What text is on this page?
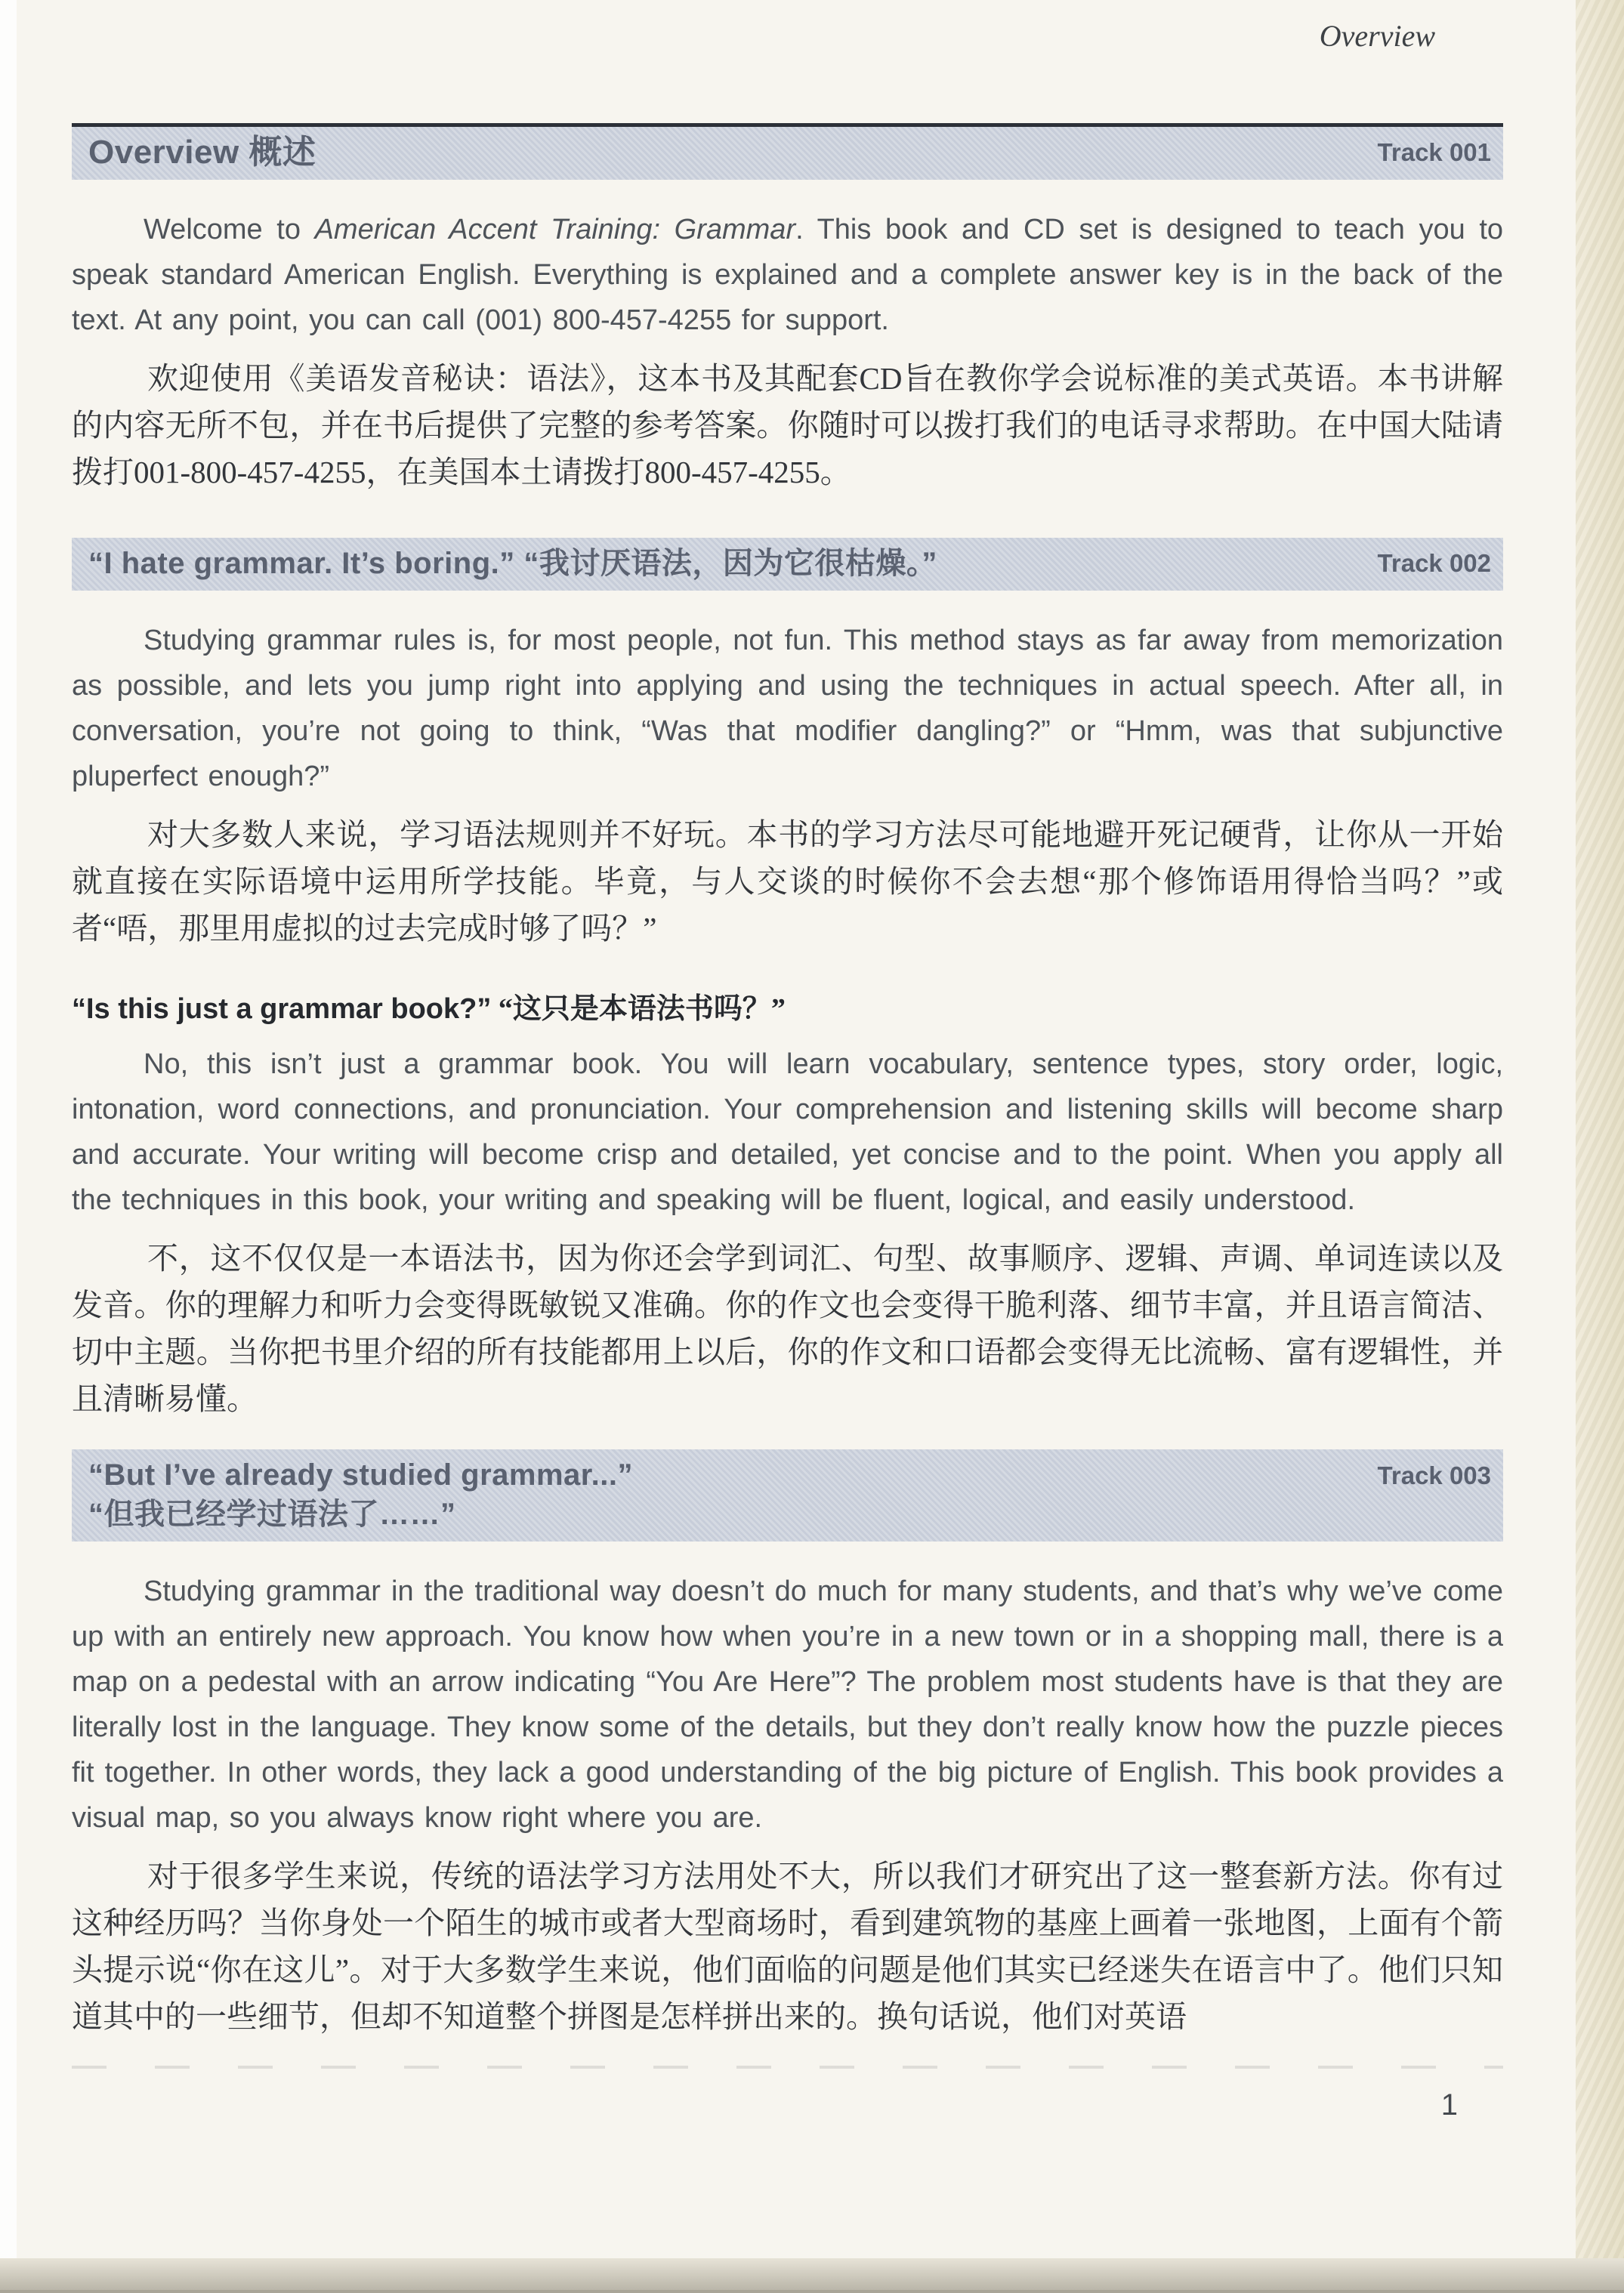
Overview
Overview 概述	Track 001

Welcome to American Accent Training: Grammar. This book and CD set is designed to teach you to speak standard American English. Everything is explained and a complete answer key is in the back of the text. At any point, you can call (001) 800-457-4255 for support.

欢迎使用《美语发音秘诀：语法》，这本书及其配套CD旨在教你学会说标准的美式英语。本书讲解的内容无所不包，并在书后提供了完整的参考答案。你随时可以拨打我们的电话寻求帮助。在中国大陆请拨打001-800-457-4255，在美国本土请拨打800-457-4255。

“I hate grammar. It’s boring.” “我讨厌语法，因为它很枯燥。”	Track 002

Studying grammar rules is, for most people, not fun. This method stays as far away from memorization as possible, and lets you jump right into applying and using the techniques in actual speech. After all, in conversation, you’re not going to think, “Was that modifier dangling?” or “Hmm, was that subjunctive pluperfect enough?”

对大多数人来说，学习语法规则并不好玩。本书的学习方法尽可能地避开死记硬背，让你从一开始就直接在实际语境中运用所学技能。毕竟，与人交谈的时候你不会去想“那个修饰语用得恰当吗？”或者“唔，那里用虚拟的过去完成时够了吗？”

“Is this just a grammar book?” “这只是本语法书吗？”

No, this isn’t just a grammar book. You will learn vocabulary, sentence types, story order, logic, intonation, word connections, and pronunciation. Your comprehension and listening skills will become sharp and accurate. Your writing will become crisp and detailed, yet concise and to the point. When you apply all the techniques in this book, your writing and speaking will be fluent, logical, and easily understood.

不，这不仅仅是一本语法书，因为你还会学到词汇、句型、故事顺序、逻辑、声调、单词连读以及发音。你的理解力和听力会变得既敏锐又准确。你的作文也会变得干脆利落、细节丰富，并且语言简洁、切中主题。当你把书里介绍的所有技能都用上以后，你的作文和口语都会变得无比流畅、富有逻辑性，并且清晰易懂。

“But I’ve already studied grammar...”
“但我已经学过语法了……”
Track 003

Studying grammar in the traditional way doesn’t do much for many students, and that’s why we’ve come up with an entirely new approach. You know how when you’re in a new town or in a shopping mall, there is a map on a pedestal with an arrow indicating “You Are Here”? The problem most students have is that they are literally lost in the language. They know some of the details, but they don’t really know how the puzzle pieces fit together. In other words, they lack a good understanding of the big picture of English. This book provides a visual map, so you always know right where you are.

对于很多学生来说，传统的语法学习方法用处不大，所以我们才研究出了这一整套新方法。你有过这种经历吗？当你身处一个陌生的城市或者大型商场时，看到建筑物的基座上画着一张地图，上面有个箭头提示说“你在这儿”。对于大多数学生来说，他们面临的问题是他们其实已经迷失在语言中了。他们只知道其中的一些细节，但却不知道整个拼图是怎样拼出来的。换句话说，他们对英语

1
